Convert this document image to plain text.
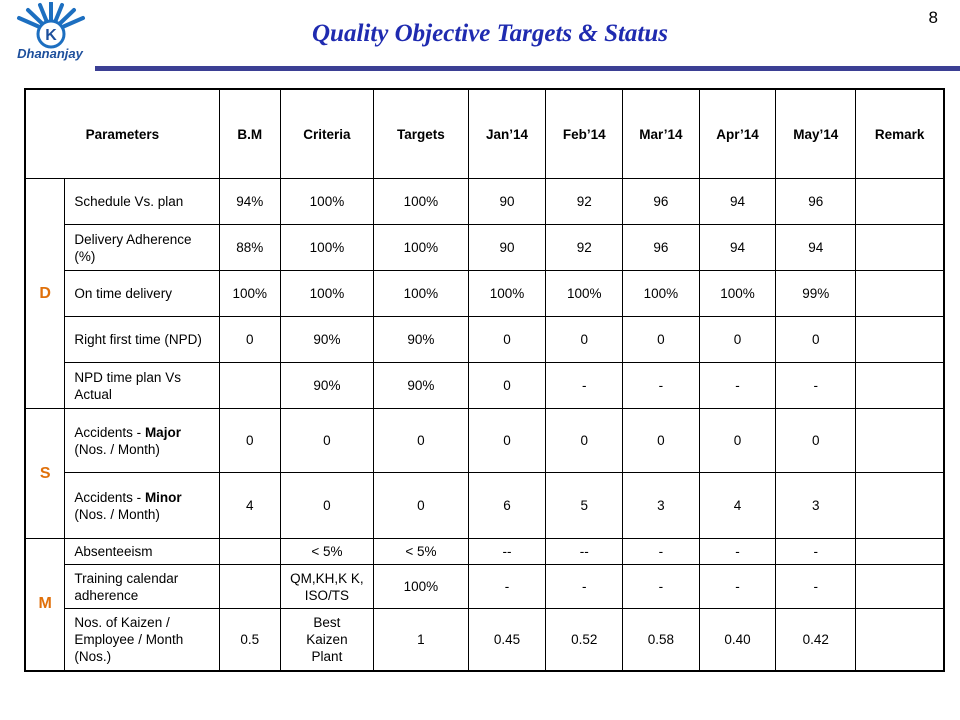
K
Dhananjay
Quality Objective Targets & Status
8
Parameters		B.M	Criteria	Targets	Jan’14	Feb’14	Mar’14	Apr’14	May’14	Remark
D	Schedule Vs. plan	94%	100%	100%	90	92	96	94	96	
	Delivery Adherence (%)	88%	100%	100%	90	92	96	94	94	
	On time delivery	100%	100%	100%	100%	100%	100%	100%	99%	
	Right first time (NPD)	0	90%	90%	0	0	0	0	0	
	NPD time plan Vs Actual		90%	90%	0	-	-	-	-	
S	Accidents - Major (Nos. / Month)	0	0	0	0	0	0	0	0	
	Accidents - Minor (Nos. / Month)	4	0	0	6	5	3	4	3	
M	Absenteeism		< 5%	< 5%	--	--	-	-	-	
	Training calendar adherence		QM,KH,K K, ISO/TS	100%	-	-	-	-	-	
	Nos. of Kaizen / Employee / Month (Nos.)	0.5	Best Kaizen Plant	1	0.45	0.52	0.58	0.40	0.42	
